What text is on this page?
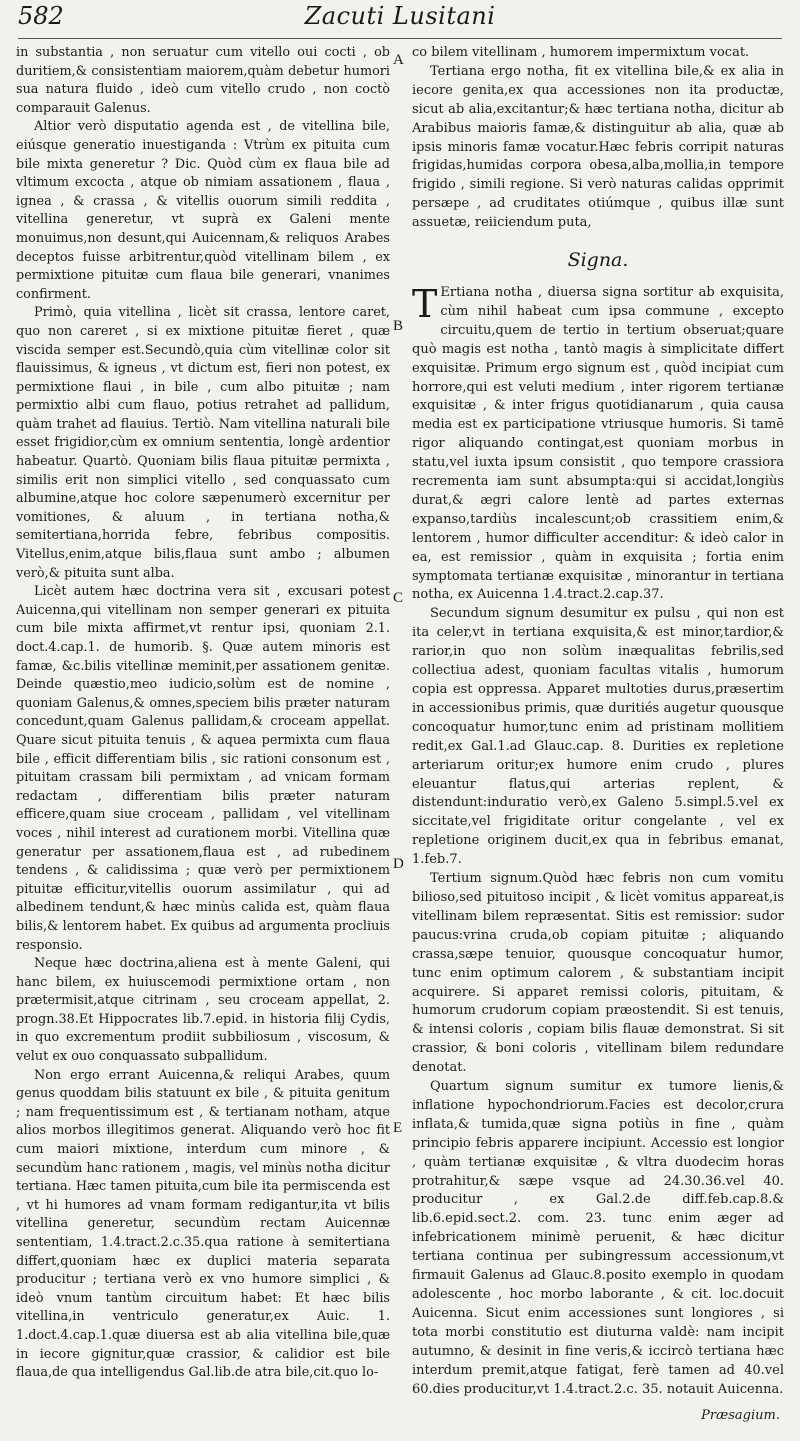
582	Zacuti Lusitani

in substantia , non seruatur cum vitello oui cocti , ob duritiem,& consistentiam maiorem,quàm debetur humori sua natura fluido , ideò cum vitello crudo , non coctò comparauit Galenus.

Altior verò disputatio agenda est , de vitellina bile, eiúsque generatio inuestiganda : Vtrùm ex pituita cum bile mixta generetur ? Dic. Quòd cùm ex flaua bile ad vltimum excocta , atque ob nimiam assationem , flaua , ignea , & crassa , & vitellis ouorum simili reddita , vitellina generetur, vt suprà ex Galeni mente monuimus,non desunt,qui Auicennam,& reliquos Arabes deceptos fuisse arbitrentur,quòd vitellinam bilem , ex permixtione pituitæ cum flaua bile generari, vnanimes confirment.

Primò, quia vitellina , licèt sit crassa, lentore caret, quo non careret , si ex mixtione pituitæ fieret , quæ viscida semper est.Secundò,quia cùm vitellinæ color sit flauissimus, & igneus , vt dictum est, fieri non potest, ex permixtione flaui , in bile , cum albo pituitæ ; nam permixtio albi cum flauo, potius retrahet ad pallidum, quàm trahet ad flauius. Tertiò. Nam vitellina naturali bile esset frigidior,cùm ex omnium sententia, longè ardentior habeatur. Quartò. Quoniam bilis flaua pituitæ permixta , similis erit non simplici vitello , sed conquassato cum albumine,atque hoc colore sæpenumerò excernitur per vomitiones, & aluum , in tertiana notha,& semitertiana,horrida febre, febribus compositis. Vitellus,enim,atque bilis,flaua sunt ambo ; albumen verò,& pituita sunt alba.

Licèt autem hæc doctrina vera sit , excusari potest Auicenna,qui vitellinam non semper generari ex pituita cum bile mixta affirmet,vt rentur ipsi, quoniam 2.1. doct.4.cap.1. de humorib. §. Quæ autem minoris est famæ, &c.bilis vitellinæ meminit,per assationem genitæ. Deinde quæstio,meo iudicio,solùm est de nomine , quoniam Galenus,& omnes,speciem bilis præter naturam concedunt,quam Galenus pallidam,& croceam appellat. Quare sicut pituita tenuis , & aquea permixta cum flaua bile , efficit differentiam bilis , sic rationi consonum est , pituitam crassam bili permixtam , ad vnicam formam redactam , differentiam bilis præter naturam efficere,quam siue croceam , pallidam , vel vitellinam voces , nihil interest ad curationem morbi. Vitellina quæ generatur per assationem,flaua est , ad rubedinem tendens , & calidissima ; quæ verò per permixtionem pituitæ efficitur,vitellis ouorum assimilatur , qui ad albedinem tendunt,& hæc minùs calida est, quàm flaua bilis,& lentorem habet. Ex quibus ad argumenta procliuis responsio.

Neque hæc doctrina,aliena est à mente Galeni, qui hanc bilem, ex huiuscemodi permixtione ortam , non prætermisit,atque citrinam , seu croceam appellat, 2. progn.38.Et Hippocrates lib.7.epid. in historia filij Cydis, in quo excrementum prodiit subbiliosum , viscosum, & velut ex ouo conquassato subpallidum.

Non ergo errant Auicenna,& reliqui Arabes, quum genus quoddam bilis statuunt ex bile , & pituita genitum ; nam frequentissimum est , & tertianam notham, atque alios morbos illegitimos generat. Aliquando verò hoc fit cum maiori mixtione, interdum cum minore , & secundùm hanc rationem , magis, vel minùs notha dicitur tertiana. Hæc tamen pituita,cum bile ita permiscenda est , vt hi humores ad vnam formam redigantur,ita vt bilis vitellina generetur, secundùm rectam Auicennæ sententiam, 1.4.tract.2.c.35.qua ratione à semitertiana differt,quoniam hæc ex duplici materia separata producitur ; tertiana verò ex vno humore simplici , & ideò vnum tantùm circuitum habet: Et hæc bilis vitellina,in ventriculo generatur,ex Auic. 1. 1.doct.4.cap.1.quæ diuersa est ab alia vitellina bile,quæ in iecore gignitur,quæ crassior, & calidior est bile flaua,de qua intelligendus Gal.lib.de atra bile,cit.quo lo-

A
B
C
D
E

co bilem vitellinam , humorem impermixtum vocat.

Tertiana ergo notha, fit ex vitellina bile,& ex alia in iecore genita,ex qua accessiones non ita productæ, sicut ab alia,excitantur;& hæc tertiana notha, dicitur ab Arabibus maioris famæ,& distinguitur ab alia, quæ ab ipsis minoris famæ vocatur.Hæc febris corripit naturas frigidas,humidas corpora obesa,alba,mollia,in tempore frigido , simili regione. Si verò naturas calidas opprimit persæpe , ad cruditates otiúmque , quibus illæ sunt assuetæ, reiiciendum puta,

Signa.

T Ertiana notha , diuersa signa sortitur ab exquisita, cùm nihil habeat cum ipsa commune , excepto circuitu,quem de tertio in tertium obseruat;quare quò magis est notha , tantò magis à simplicitate differt exquisitæ. Primum ergo signum est , quòd incipiat cum horrore,qui est veluti medium , inter rigorem tertianæ exquisitæ , & inter frigus quotidianarum , quia causa media est ex participatione vtriusque humoris. Si tamē rigor aliquando contingat,est quoniam morbus in statu,vel iuxta ipsum consistit , quo tempore crassiora recrementa iam sunt absumpta:qui si accidat,longiùs durat,& ægri calore lentè ad partes externas expanso,tardiùs incalescunt;ob crassitiem enim,& lentorem , humor difficulter accenditur: & ideò calor in ea, est remissior , quàm in exquisita ; fortia enim symptomata tertianæ exquisitæ , minorantur in tertiana notha, ex Auicenna 1.4.tract.2.cap.37.

Secundum signum desumitur ex pulsu , qui non est ita celer,vt in tertiana exquisita,& est minor,tardior,& rarior,in quo non solùm inæqualitas febrilis,sed collectiua adest, quoniam facultas vitalis , humorum copia est oppressa. Apparet multoties durus,præsertim in accessionibus primis, quæ duritiés augetur quousque concoquatur humor,tunc enim ad pristinam mollitiem redit,ex Gal.1.ad Glauc.cap. 8. Durities ex repletione arteriarum oritur;ex humore enim crudo , plures eleuantur flatus,qui arterias replent, & distendunt:induratio verò,ex Galeno 5.simpl.5.vel ex siccitate,vel frigiditate oritur congelante , vel ex repletione originem ducit,ex qua in febribus emanat, 1.feb.7.

Tertium signum.Quòd hæc febris non cum vomitu bilioso,sed pituitoso incipit , & licèt vomitus appareat,is vitellinam bilem repræsentat. Sitis est remissior: sudor paucus:vrina cruda,ob copiam pituitæ ; aliquando crassa,sæpe tenuior, quousque concoquatur humor, tunc enim optimum calorem , & substantiam incipit acquirere. Si apparet remissi coloris, pituitam, & humorum crudorum copiam præostendit. Si est tenuis, & intensi coloris , copiam bilis flauæ demonstrat. Si sit crassior, & boni coloris , vitellinam bilem redundare denotat.

Quartum signum sumitur ex tumore lienis,& inflatione hypochondriorum.Facies est decolor,crura inflata,& tumida,quæ signa potiùs in fine , quàm principio febris apparere incipiunt. Accessio est longior , quàm tertianæ exquisitæ , & vltra duodecim horas protrahitur,& sæpe vsque ad 24.30.36.vel 40. producitur , ex Gal.2.de diff.feb.cap.8.& lib.6.epid.sect.2. com. 23. tunc enim æger ad infebricationem minimè peruenit, & hæc dicitur tertiana continua per subingressum accessionum,vt firmauit Galenus ad Glauc.8.posito exemplo in quodam adolescente , hoc morbo laborante , & cit. loc.docuit Auicenna. Sicut enim accessiones sunt longiores , si tota morbi constitutio est diuturna valdè: nam incipit autumno, & desinit in fine veris,& iccircò tertiana hæc interdum premit,atque fatigat, ferè tamen ad 40.vel 60.dies producitur,vt 1.4.tract.2.c. 35. notauit Auicenna.

Præsagium.
